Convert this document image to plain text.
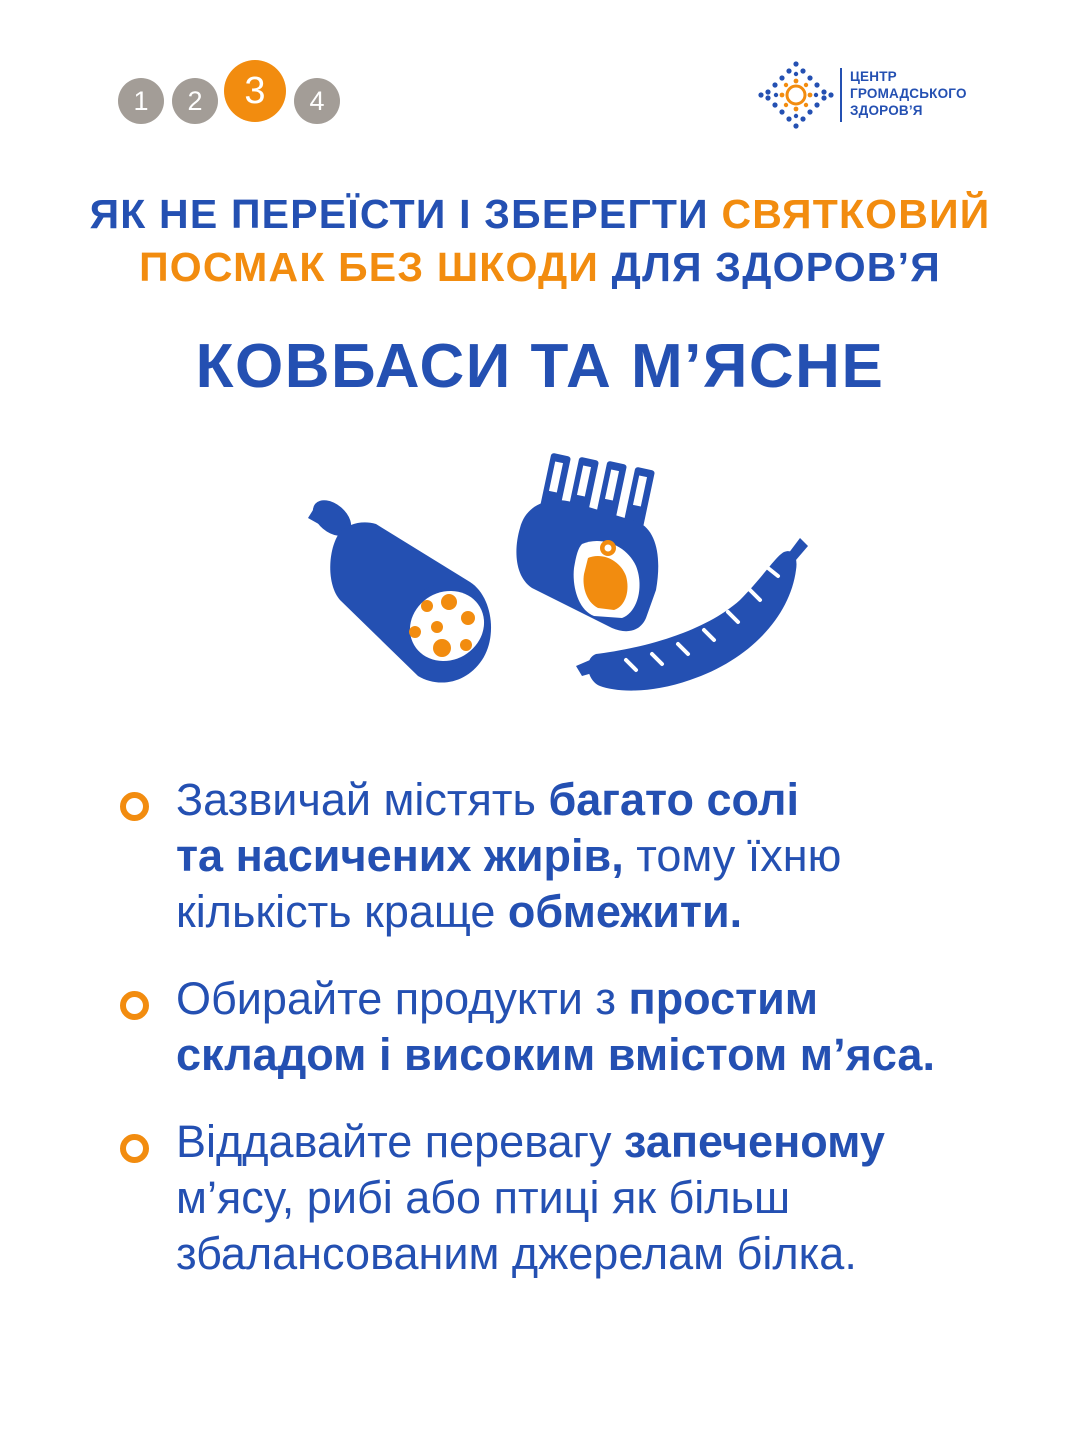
1 2 3 4
ЦЕНТР
ГРОМАДСЬКОГО
ЗДОРОВ’Я
ЯК НЕ ПЕРЕЇСТИ І ЗБЕРЕГТИ СВЯТКОВИЙ
ПОСМАК БЕЗ ШКОДИ ДЛЯ ЗДОРОВ’Я
КОВБАСИ ТА М’ЯСНЕ

Зазвичай містять багато солі
та насичених жирів, тому їхню
кількість краще обмежити.

Обирайте продукти з простим
складом і високим вмістом м’яса.

Віддавайте перевагу запеченому
м’ясу, рибі або птиці як більш
збалансованим джерелам білка.
